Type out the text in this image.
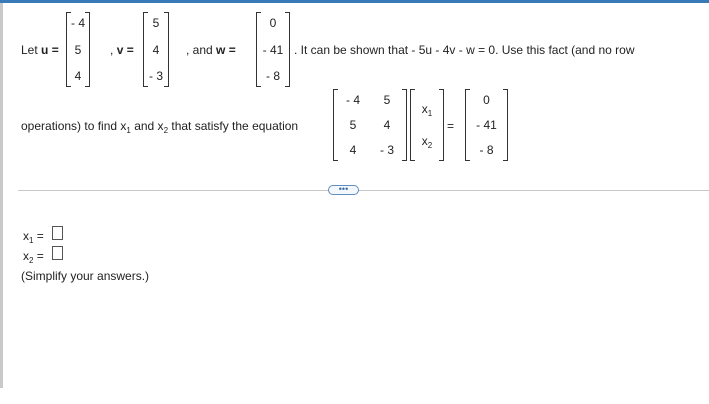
Let u =
- 4
5
4
, v =
5
4
- 3
, and w =
0
- 41
- 8
. It can be shown that - 5u - 4v - w = 0. Use this fact (and no row
operations) to find $x_1$ and $x_2$ that satisfy the equation
- 4	5
5	4
4	- 3
$x_1$
$x_2$
=
0
- 41
- 8
•••
$x_1$ =
$x_2$ =
(Simplify your answers.)
